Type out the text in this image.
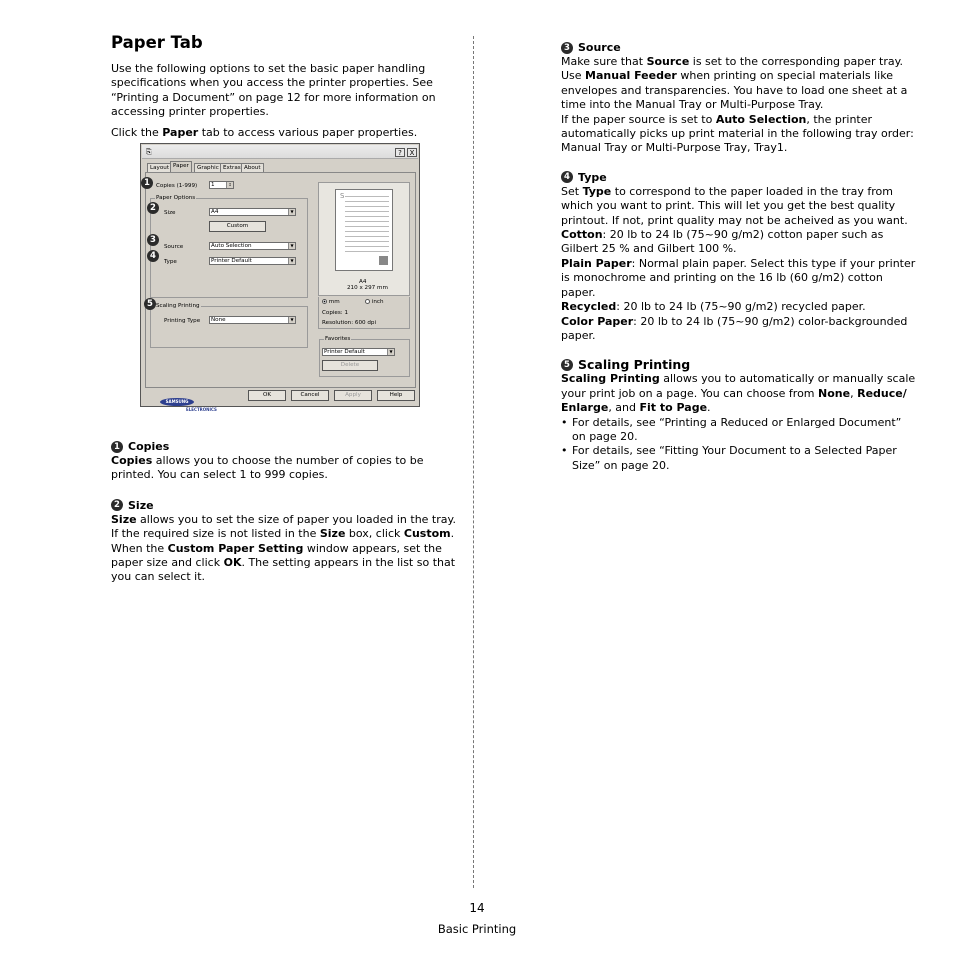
Paper Tab

Use the following options to set the basic paper handling specifications when you access the printer properties. See “Printing a Document” on page 12 for more information on accessing printer properties.

Click the Paper tab to access various paper properties.

⎘	?	X
Layout Paper	Graphic Extras About
Copies (1-999)	1	↕
Paper Options
Size	A4	▼
Custom
Source	Auto Selection	▼
Type	Printer Default	▼
Scaling Printing
Printing Type	None	▼
S
A4
210 x 297 mm
mm	inch
Copies: 1
Resolution: 600 dpi
Favorites
Printer Default	▼
Delete
SAMSUNG
ELECTRONICS
OK	Cancel	Apply	Help
1
2
3
4
5
1 Copies

Copies allows you to choose the number of copies to be printed. You can select 1 to 999 copies.

2 Size

Size allows you to set the size of paper you loaded in the tray.

If the required size is not listed in the Size box, click Custom. When the Custom Paper Setting window appears, set the paper size and click OK. The setting appears in the list so that you can select it.

3 Source

Make sure that Source is set to the corresponding paper tray.

Use Manual Feeder when printing on special materials like envelopes and transparencies. You have to load one sheet at a time into the Manual Tray or Multi-Purpose Tray.

If the paper source is set to Auto Selection, the printer automatically picks up print material in the following tray order: Manual Tray or Multi-Purpose Tray, Tray1.

4 Type

Set Type to correspond to the paper loaded in the tray from which you want to print. This will let you get the best quality printout. If not, print quality may not be acheived as you want.

Cotton: 20 lb to 24 lb (75~90 g/m2) cotton paper such as Gilbert 25 % and Gilbert 100 %.

Plain Paper: Normal plain paper. Select this type if your printer is monochrome and printing on the 16 lb (60 g/m2) cotton paper.

Recycled: 20 lb to 24 lb (75~90 g/m2) recycled paper.

Color Paper: 20 lb to 24 lb (75~90 g/m2) color-backgrounded paper.

5 Scaling Printing

Scaling Printing allows you to automatically or manually scale your print job on a page. You can choose from None, Reduce/ Enlarge, and Fit to Page.

• For details, see “Printing a Reduced or Enlarged Document” on page 20.
• For details, see “Fitting Your Document to a Selected Paper Size” on page 20.
14
Basic Printing
